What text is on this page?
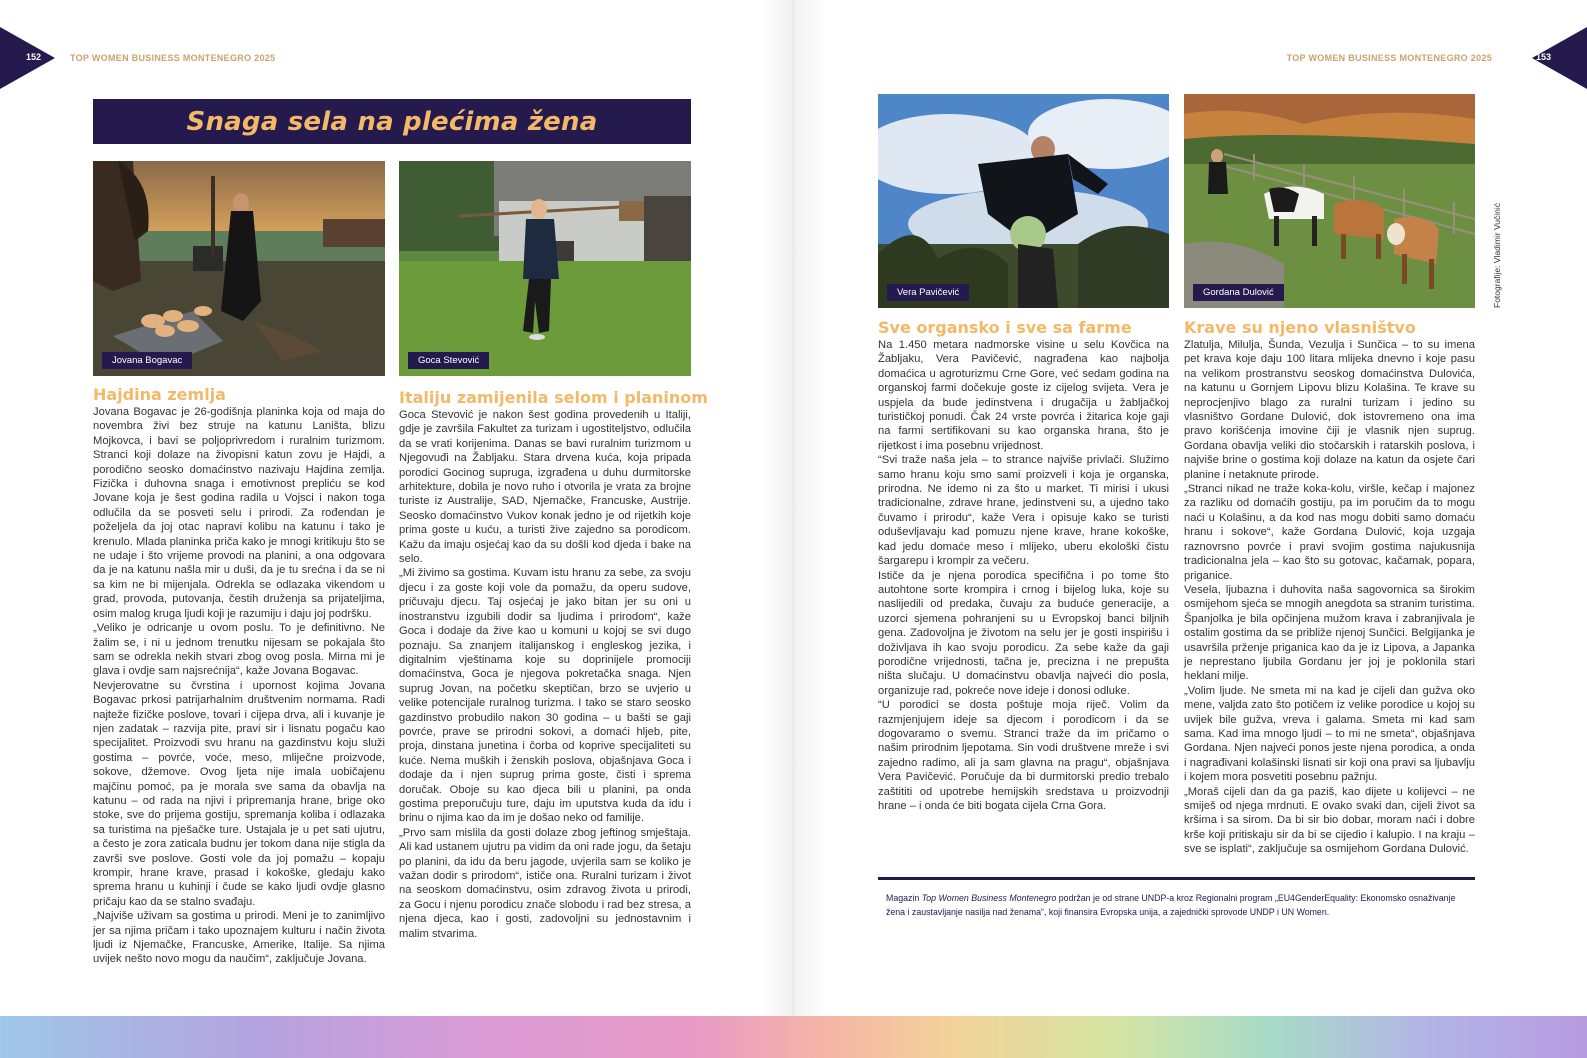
152	TOP WOMEN BUSINESS MONTENEGRO 2025
Snaga sela na plećima žena
Jovana Bogavac	Goca Stevović
Hajdina zemlja

Jovana Bogavac je 26-godišnja planinka koja od maja do novembra živi bez struje na katunu Laništa, blizu Mojkovca, i bavi se poljoprivredom i ruralnim turizmom. Stranci koji dolaze na živopisni katun zovu je Hajdi, a porodično seosko domaćinstvo nazivaju Hajdina zemlja. Fizička i duhovna snaga i emotivnost prepliću se kod Jovane koja je šest godina radila u Vojsci i nakon toga odlučila da se posveti selu i prirodi. Za rođendan je poželjela da joj otac napravi kolibu na katunu i tako je krenulo. Mlada planinka priča kako je mnogi kritikuju što se ne udaje i što vrijeme provodi na planini, a ona odgovara da je na katunu našla mir u duši, da je tu srećna i da se ni sa kim ne bi mijenjala. Odrekla se odlazaka vikendom u grad, provoda, putovanja, čestih druženja sa prijateljima, osim malog kruga ljudi koji je razumiju i daju joj podršku.

„Veliko je odricanje u ovom poslu. To je definitivno. Ne žalim se, i ni u jednom trenutku nijesam se pokajala što sam se odrekla nekih stvari zbog ovog posla. Mirna mi je glava i ovdje sam najsrećnija“, kaže Jovana Bogavac.

Nevjerovatne su čvrstina i upornost kojima Jovana Bogavac prkosi patrijarhalnim društvenim normama. Radi najteže fizičke poslove, tovari i cijepa drva, ali i kuvanje je njen zadatak – razvija pite, pravi sir i lisnatu pogaču kao specijalitet. Proizvodi svu hranu na gazdinstvu koju služi gostima – povrće, voće, meso, mliječne proizvode, sokove, džemove. Ovog ljeta nije imala uobičajenu majčinu pomoć, pa je morala sve sama da obavlja na katunu – od rada na njivi i pripremanja hrane, brige oko stoke, sve do prijema gostiju, spremanja koliba i odlazaka sa turistima na pješačke ture. Ustajala je u pet sati ujutru, a često je zora zaticala budnu jer tokom dana nije stigla da završi sve poslove. Gosti vole da joj pomažu – kopaju krompir, hrane krave, prasad i kokoške, gledaju kako sprema hranu u kuhinji i čude se kako ljudi ovdje glasno pričaju kao da se stalno svađaju.

„Najviše uživam sa gostima u prirodi. Meni je to zanimljivo jer sa njima pričam i tako upoznajem kulturu i način života ljudi iz Njemačke, Francuske, Amerike, Italije. Sa njima uvijek nešto novo mogu da naučim“, zaključuje Jovana.

Italiju zamijenila selom i planinom

Goca Stevović je nakon šest godina provedenih u Italiji, gdje je završila Fakultet za turizam i ugostiteljstvo, odlučila da se vrati korijenima. Danas se bavi ruralnim turizmom u Njegovuđi na Žabljaku. Stara drvena kuća, koja pripada porodici Gocinog supruga, izgrađena u duhu durmitorske arhitekture, dobila je novo ruho i otvorila je vrata za brojne turiste iz Australije, SAD, Njemačke, Francuske, Austrije. Seosko domaćinstvo Vukov konak jedno je od rijetkih koje prima goste u kuću, a turisti žive zajedno sa porodicom. Kažu da imaju osjećaj kao da su došli kod djeda i bake na selo.

„Mi živimo sa gostima. Kuvam istu hranu za sebe, za svoju djecu i za goste koji vole da pomažu, da operu sudove, pričuvaju djecu. Taj osjećaj je jako bitan jer su oni u inostranstvu izgubili dodir sa ljudima i prirodom“, kaže Goca i dodaje da žive kao u komuni u kojoj se svi dugo poznaju. Sa znanjem italijanskog i engleskog jezika, i digitalnim vještinama koje su doprinijele promociji domaćinstva, Goca je njegova pokretačka snaga. Njen suprug Jovan, na početku skeptičan, brzo se uvjerio u velike potencijale ruralnog turizma. I tako se staro seosko gazdinstvo probudilo nakon 30 godina – u bašti se gaji povrće, prave se prirodni sokovi, a domaći hljeb, pite, proja, dinstana junetina i čorba od koprive specijaliteti su kuće. Nema muških i ženskih poslova, objašnjava Goca i dodaje da i njen suprug prima goste, čisti i sprema doručak. Oboje su kao djeca bili u planini, pa onda gostima preporučuju ture, daju im uputstva kuda da idu i brinu o njima kao da im je došao neko od familije.

„Prvo sam mislila da gosti dolaze zbog jeftinog smještaja. Ali kad ustanem ujutru pa vidim da oni rade jogu, da šetaju po planini, da idu da beru jagode, uvjerila sam se koliko je važan dodir s prirodom“, ističe ona. Ruralni turizam i život na seoskom domaćinstvu, osim zdravog života u prirodi, za Gocu i njenu porodicu znače slobodu i rad bez stresa, a njena djeca, kao i gosti, zadovoljni su jednostavnim i malim stvarima.

153
TOP WOMEN BUSINESS MONTENEGRO 2025
Vera Pavičević	Gordana Dulović	Fotografije: Vladimir Vučinić
Sve organsko i sve sa farme

Na 1.450 metara nadmorske visine u selu Kovčica na Žabljaku, Vera Pavičević, nagrađena kao najbolja domaćica u agroturizmu Crne Gore, već sedam godina na organskoj farmi dočekuje goste iz cijelog svijeta. Vera je uspjela da bude jedinstvena i drugačija u žabljačkoj turističkoj ponudi. Čak 24 vrste povrća i žitarica koje gaji na farmi sertifikovani su kao organska hrana, što je rijetkost i ima posebnu vrijednost.

“Svi traže naša jela – to strance najviše privlači. Služimo samo hranu koju smo sami proizveli i koja je organska, prirodna. Ne idemo ni za što u market. Ti mirisi i ukusi tradicionalne, zdrave hrane, jedinstveni su, a ujedno tako čuvamo i prirodu“, kaže Vera i opisuje kako se turisti oduševljavaju kad pomuzu njene krave, hrane kokoške, kad jedu domaće meso i mlijeko, uberu ekološki čistu šargarepu i krompir za večeru.

Ističe da je njena porodica specifična i po tome što autohtone sorte krompira i crnog i bijelog luka, koje su naslijedili od predaka, čuvaju za buduće generacije, a uzorci sjemena pohranjeni su u Evropskoj banci biljnih gena. Zadovoljna je životom na selu jer je gosti inspirišu i doživljava ih kao svoju porodicu. Za sebe kaže da gaji porodične vrijednosti, tačna je, precizna i ne prepušta ništa slučaju. U domaćinstvu obavlja najveći dio posla, organizuje rad, pokreće nove ideje i donosi odluke.

“U porodici se dosta poštuje moja riječ. Volim da razmjenjujem ideje sa djecom i porodicom i da se dogovaramo o svemu. Stranci traže da im pričamo o našim prirodnim ljepotama. Sin vodi društvene mreže i svi zajedno radimo, ali ja sam glavna na pragu“, objašnjava Vera Pavičević. Poručuje da bi durmitorski predio trebalo zaštititi od upotrebe hemijskih sredstava u proizvodnji hrane – i onda će biti bogata cijela Crna Gora.

Krave su njeno vlasništvo

Zlatulja, Milulja, Šunda, Vezulja i Sunčica – to su imena pet krava koje daju 100 litara mlijeka dnevno i koje pasu na velikom prostranstvu seoskog domaćinstva Dulovića, na katunu u Gornjem Lipovu blizu Kolašina. Te krave su neprocjenjivo blago za ruralni turizam i jedino su vlasništvo Gordane Dulović, dok istovremeno ona ima pravo korišćenja imovine čiji je vlasnik njen suprug. Gordana obavlja veliki dio stočarskih i ratarskih poslova, i najviše brine o gostima koji dolaze na katun da osjete čari planine i netaknute prirode.

„Stranci nikad ne traže koka-kolu, viršle, kečap i majonez za razliku od domaćih gostiju, pa im poručim da to mogu naći u Kolašinu, a da kod nas mogu dobiti samo domaću hranu i sokove“, kaže Gordana Dulović, koja uzgaja raznovrsno povrće i pravi svojim gostima najukusnija tradicionalna jela – kao što su gotovac, kačamak, popara, priganice.

Vesela, ljubazna i duhovita naša sagovornica sa širokim osmijehom sjeća se mnogih anegdota sa stranim turistima. Španjolka je bila opčinjena mužom krava i zabranjivala je ostalim gostima da se približe njenoj Sunčici. Belgijanka je usavršila prženje priganica kao da je iz Lipova, a Japanka je neprestano ljubila Gordanu jer joj je poklonila stari heklani milje.

„Volim ljude. Ne smeta mi na kad je cijeli dan gužva oko mene, valjda zato što potičem iz velike porodice u kojoj su uvijek bile gužva, vreva i galama. Smeta mi kad sam sama. Kad ima mnogo ljudi – to mi ne smeta“, objašnjava Gordana. Njen najveći ponos jeste njena porodica, a onda i nagrađivani kolašinski lisnati sir koji ona pravi sa ljubavlju i kojem mora posvetiti posebnu pažnju.

„Moraš cijeli dan da ga paziš, kao dijete u kolijevci – ne smiješ od njega mrdnuti. E ovako svaki dan, cijeli život sa kršima i sa sirom. Da bi sir bio dobar, moram naći i dobre krše koji pritiskaju sir da bi se cijedio i kalupio. I na kraju – sve se isplati“, zaključuje sa osmijehom Gordana Dulović.

Magazin Top Women Business Montenegro podržan je od strane UNDP-a kroz Regionalni program „EU4GenderEquality: Ekonomsko osnaživanje žena i zaustavljanje nasilja nad ženama“, koji finansira Evropska unija, a zajednički sprovode UNDP i UN Women.
